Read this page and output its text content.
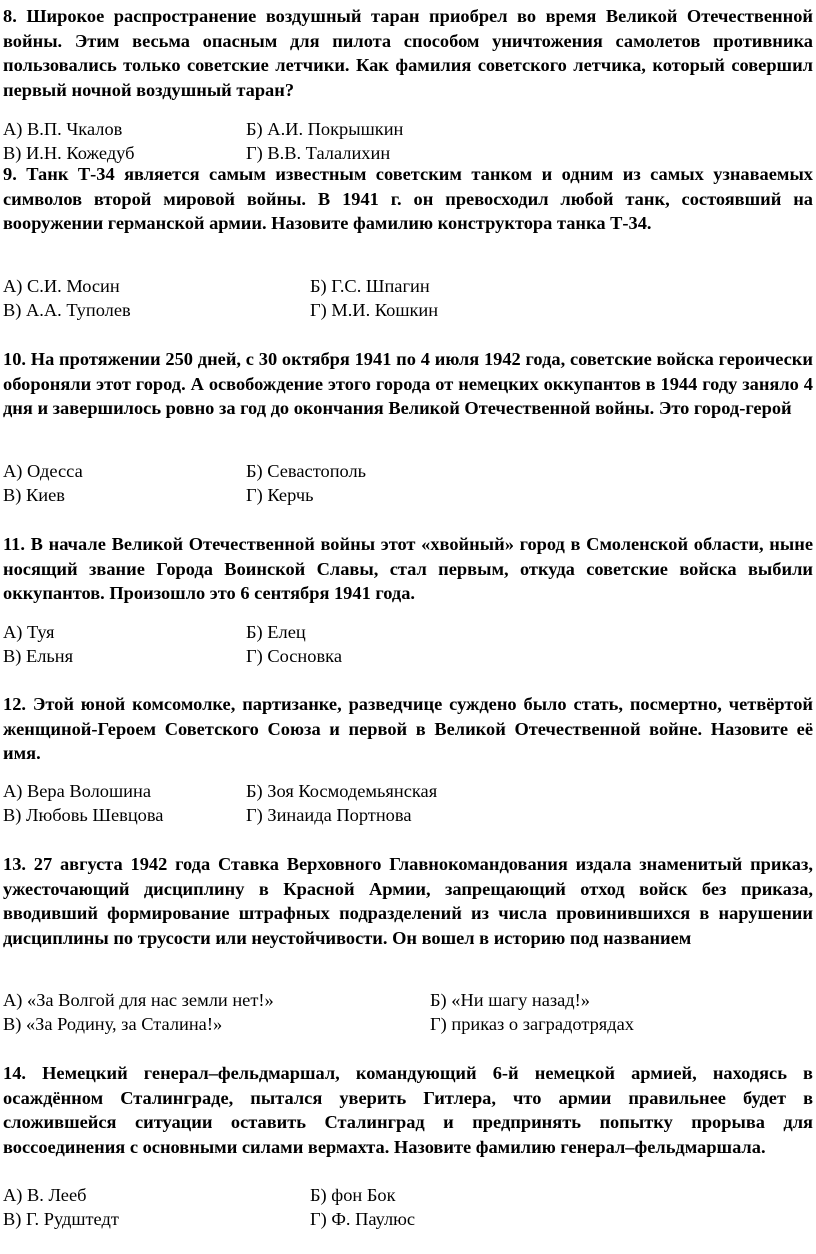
8. Широкое распространение воздушный таран приобрел во время Великой Отечественной войны. Этим весьма опасным для пилота способом уничтожения самолетов противника пользовались только советские летчики. Как фамилия советского летчика, который совершил первый ночной воздушный таран?
А) В.П. Чкалов	Б) А.И. Покрышкин
В) И.Н. Кожедуб	Г) В.В. Талалихин
9. Танк Т-34 является самым известным советским танком и одним из самых узнаваемых символов второй мировой войны. В 1941 г. он превосходил любой танк, состоявший на вооружении германской армии. Назовите фамилию конструктора танка Т-34.
А) С.И. Мосин	Б) Г.С. Шпагин
В) А.А. Туполев	Г) М.И. Кошкин
10. На протяжении 250 дней, с 30 октября 1941 по 4 июля 1942 года, советские войска героически обороняли этот город. А освобождение этого города от немецких оккупантов в 1944 году заняло 4 дня и завершилось ровно за год до окончания Великой Отечественной войны. Это город-герой
А) Одесса	Б) Севастополь
В) Киев	Г) Керчь
11. В начале Великой Отечественной войны этот «хвойный» город в Смоленской области, ныне носящий звание Города Воинской Славы, стал первым, откуда советские войска выбили оккупантов. Произошло это 6 сентября 1941 года.
А) Туя	Б) Елец
В) Ельня	Г) Сосновка
12. Этой юной комсомолке, партизанке, разведчице суждено было стать, посмертно, четвёртой женщиной-Героем Советского Союза и первой в Великой Отечественной войне. Назовите её имя.
А) Вера Волошина	Б) Зоя Космодемьянская
В) Любовь Шевцова	Г) Зинаида Портнова
13. 27 августа 1942 года Ставка Верховного Главнокомандования издала знаменитый приказ, ужесточающий дисциплину в Красной Армии, запрещающий отход войск без приказа, вводивший формирование штрафных подразделений из числа провинившихся в нарушении дисциплины по трусости или неустойчивости. Он вошел в историю под названием
А) «За Волгой для нас земли нет!»	Б) «Ни шагу назад!»
В) «За Родину, за Сталина!»	Г) приказ о заградотрядах
14. Немецкий генерал–фельдмаршал, командующий 6-й немецкой армией, находясь в осаждённом Сталинграде, пытался уверить Гитлера, что армии правильнее будет в сложившейся ситуации оставить Сталинград и предпринять попытку прорыва для воссоединения с основными силами вермахта. Назовите фамилию генерал–фельдмаршала.
А) В. Лееб	Б) фон Бок
В) Г. Рудштедт	Г) Ф. Паулюс
